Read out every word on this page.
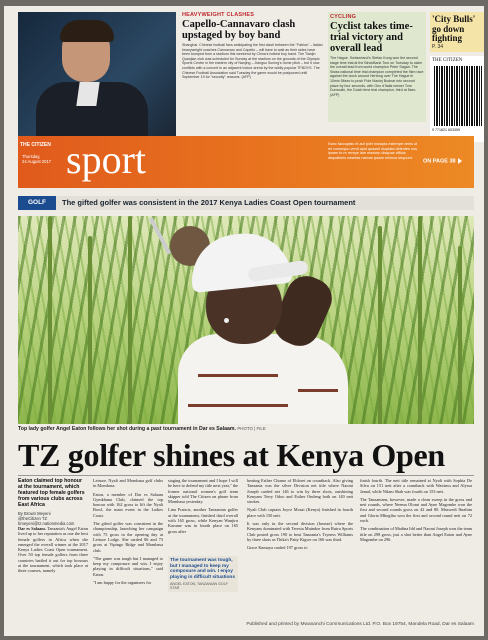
HEAVYWEIGHT CLASHES
Capello-Cannavaro clash upstaged by boy band
Shanghai. Chinese football fans anticipating the first clash between the "Fabios" – Italian heavyweight coaches Cannavaro and Capello – will have to wait as their sides have been bumped from a stadium this weekend by China's hottest boy band. The Tianjin Quanjian club was scheduled for Sunday at the stadium on the grounds of the Olympic Sports Centre in the eastern city of Nanjing – Jiangsu Suning's home pitch – but it now conflicts with a concert in an adjacent indoor arena by the wildly popular TFBOYS. The Chinese Football Association said Tuesday the game would be postponed until September 19 for "security" reasons. (AFP)
CYCLING
Cyclist takes time-trial victory and overall lead
The Hague. Switzerland's Stefan Kung won the second stage time trial at the BinckBank Tour on Tuesday to claim the overall lead from world champion Peter Sagan. The Swiss national time trial champion completed the 9km race against the clock around Hertong over The Hague in 10min 56sec to push Pole Maciej Bodnar into second place by four seconds, with Geo d'Italia winner Tom Dumoulin, the Dutch time trial champion, third at 5sec. (AFP)
'City Bulls' go down fighting
P. 34
THE CITIZEN
9 771821 603359
THE CITIZEN
Thursday,
24 August 2017 sport	Nunc faccuptas et aut ipiet molupta estempe venis ut mi consequo venti apid quassit oluptata delentes nos ipsam to re rerepe lam maximp disquae officia aliquatioris essetas namus ipsam enimus sequunt.
ON PAGE 38
GOLF	The gifted golfer was consistent in the 2017 Kenya Ladies Coast Open tournament
Top lady golfer Angel Eaton follows her shot during a past tournament in Dar es Salaam. PHOTO | FILE
TZ golfer shines at Kenya Open
Eaton claimed top honour at the tournament, which featured top female golfers from various clubs across East Africa
By Brown Meyeni
@theCitizen TZ
bmeyeni@tz.nationmedia.com

Dar es Salaam. Tanzania's Angel Eaton lived up to her reputation as one the best female golfers in Africa when she emerged the overall winner at the 2017 Kenya Ladies Coast Open tournament. Over 50 top female golfers from three countries battled it out for top honours at the tournament, which took place at three courses, namely

Leisure, Nyali and Mombasa golf clubs in Mombasa.

Eaton, a member of Dar es Salaam Gymkhana Club, claimed the top honour with 162 gross to lift the Nyali Bowl, the main event in the Ladies Coast.

The gifted golfer was consistent in the championship, launching her campaign with 75 gross in the opening day at Leisure Lodge. She carded 86 and 73 gross at Vipingo Ridge and Mombasa club.

"The game was tough but I managed to keep my composure and win. I enjoy playing in difficult situations," said Eaton.

"I am happy for the organisers for

staging the tournament and I hope I will be here to defend my title next year," the former national women's golf team skipper told The Citizen on phone from Mombasa yesterday.

Lina Francis, another Tanzanian golfer at the tournament, finished third overall with 165 gross, while Kenyan Wanjiru Karume was in fourth place on 165 gross after

The tournament was tough, but I managed to keep my composure and win. I enjoy playing in difficult situations
ANGEL EATON, TANZANIAN GOLF STAR

beating Esther Chumo of Eldoret on countback. Also giving Tanzania was the silver Division net title where Naomi Joseph carded net 146 to win by three shots, outshining Kenyans Terry Odoo and Esther Ondeng both on 149 nett strokes.

Nyali Club captain Joyce Mosai (Kenya) finished in fourth place with 150 nett.

It was only in the second division (bronze) where the Kenyans dominated with Teresia Muindoe from Ruiru Sports Club posted gross 190 to beat Tanzania's Tryness Williams by three shots as Thika's Patty Kigwe on 166 was third.

Grace Kamuya carded 197 gross to

finish fourth. The nett title remained at Nyali with Sophia De Silva on 151 nett after a countback with Wairimu and Alyssa Jamal, while Nilam Shah was fourth on 153 nett.

The Tanzanians, however, made a clean sweep in the gross and nett rounds, where Neema Olomi and Ayne Magombe won the first and second rounds gross on 42 and 80. Maswedi Ibrahim and Gloria Mbogiba won the first and second round nett on 72 each.

The combination of Madina Idd and Naomi Joseph won the team title on 298 gross, just a shot better than Angel Eaton and Ayne Magombe on 296.

Published and printed by Mwananchi Communications Ltd. P.O. Box 19754, Mandela Road, Dar es Salaam
